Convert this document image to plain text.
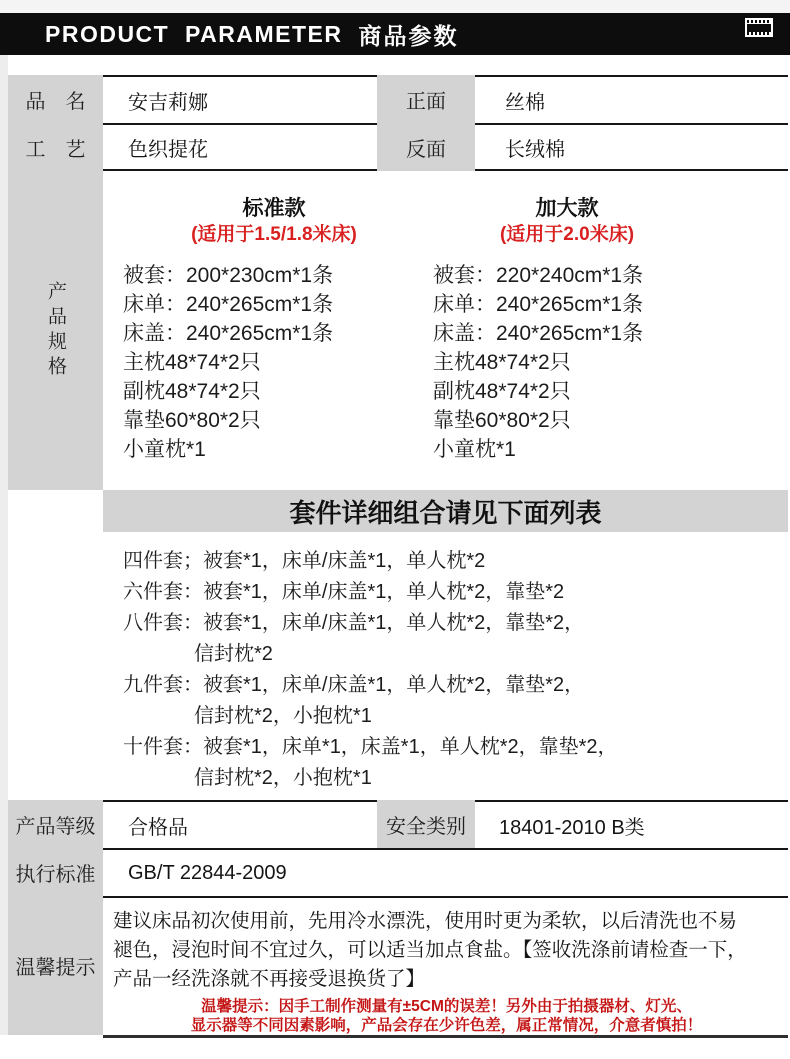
PRODUCT  PARAMETER 商品参数
品　名	安吉莉娜	正面	丝棉
工　艺	色织提花	反面	长绒棉
产品规格
标准款
(适用于1.5/1.8米床)
被套：200*230cm*1条
床单：240*265cm*1条
床盖：240*265cm*1条
主枕48*74*2只
副枕48*74*2只
靠垫60*80*2只
小童枕*1
加大款
(适用于2.0米床)
被套：220*240cm*1条
床单：240*265cm*1条
床盖：240*265cm*1条
主枕48*74*2只
副枕48*74*2只
靠垫60*80*2只
小童枕*1
套件详细组合请见下面列表
四件套；被套*1，床单/床盖*1，单人枕*2
六件套：被套*1，床单/床盖*1，单人枕*2，靠垫*2
八件套：被套*1，床单/床盖*1，单人枕*2，靠垫*2，
信封枕*2
九件套：被套*1，床单/床盖*1，单人枕*2，靠垫*2，
信封枕*2，小抱枕*1
十件套：被套*1，床单*1，床盖*1，单人枕*2，靠垫*2，
信封枕*2，小抱枕*1
产品等级	合格品	安全类别	18401-2010 B类
执行标准	GB/T 22844-2009
温馨提示
建议床品初次使用前，先用冷水漂洗，使用时更为柔软，以后清洗也不易
褪色，浸泡时间不宜过久，可以适当加点食盐。【签收洗涤前请检查一下，
产品一经洗涤就不再接受退换货了】
温馨提示：因手工制作测量有±5CM的误差！另外由于拍摄器材、灯光、
显示器等不同因素影响，产品会存在少许色差，属正常情况，介意者慎拍！
